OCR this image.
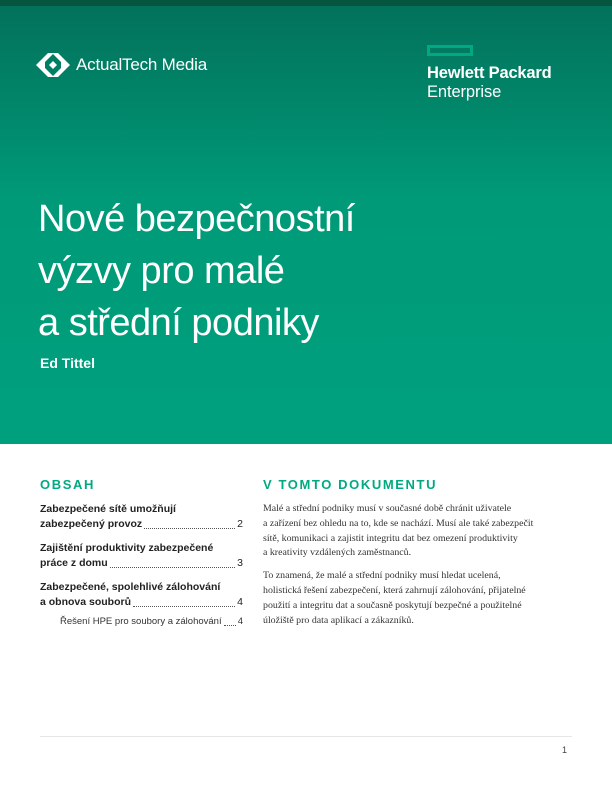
ActualTech Media	Hewlett Packard
Enterprise
Nové bezpečnostní
výzvy pro malé
a střední podniky
Ed Tittel
OBSAH
Zabezpečené sítě umožňují
zabezpečený provoz	2
Zajištění produktivity zabezpečené
práce z domu	3
Zabezpečené, spolehlivé zálohování
a obnova souborů	4
Řešení HPE pro soubory a zálohování 4
V TOMTO DOKUMENTU

Malé a střední podniky musí v současné době chránit uživatele
a zařízení bez ohledu na to, kde se nachází. Musí ale také zabezpečit
sítě, komunikaci a zajistit integritu dat bez omezení produktivity
a kreativity vzdálených zaměstnanců.

To znamená, že malé a střední podniky musí hledat ucelená,
holistická řešení zabezpečení, která zahrnují zálohování, přijatelné
použití a integritu dat a současně poskytují bezpečné a použitelné
úložiště pro data aplikací a zákazníků.

1
